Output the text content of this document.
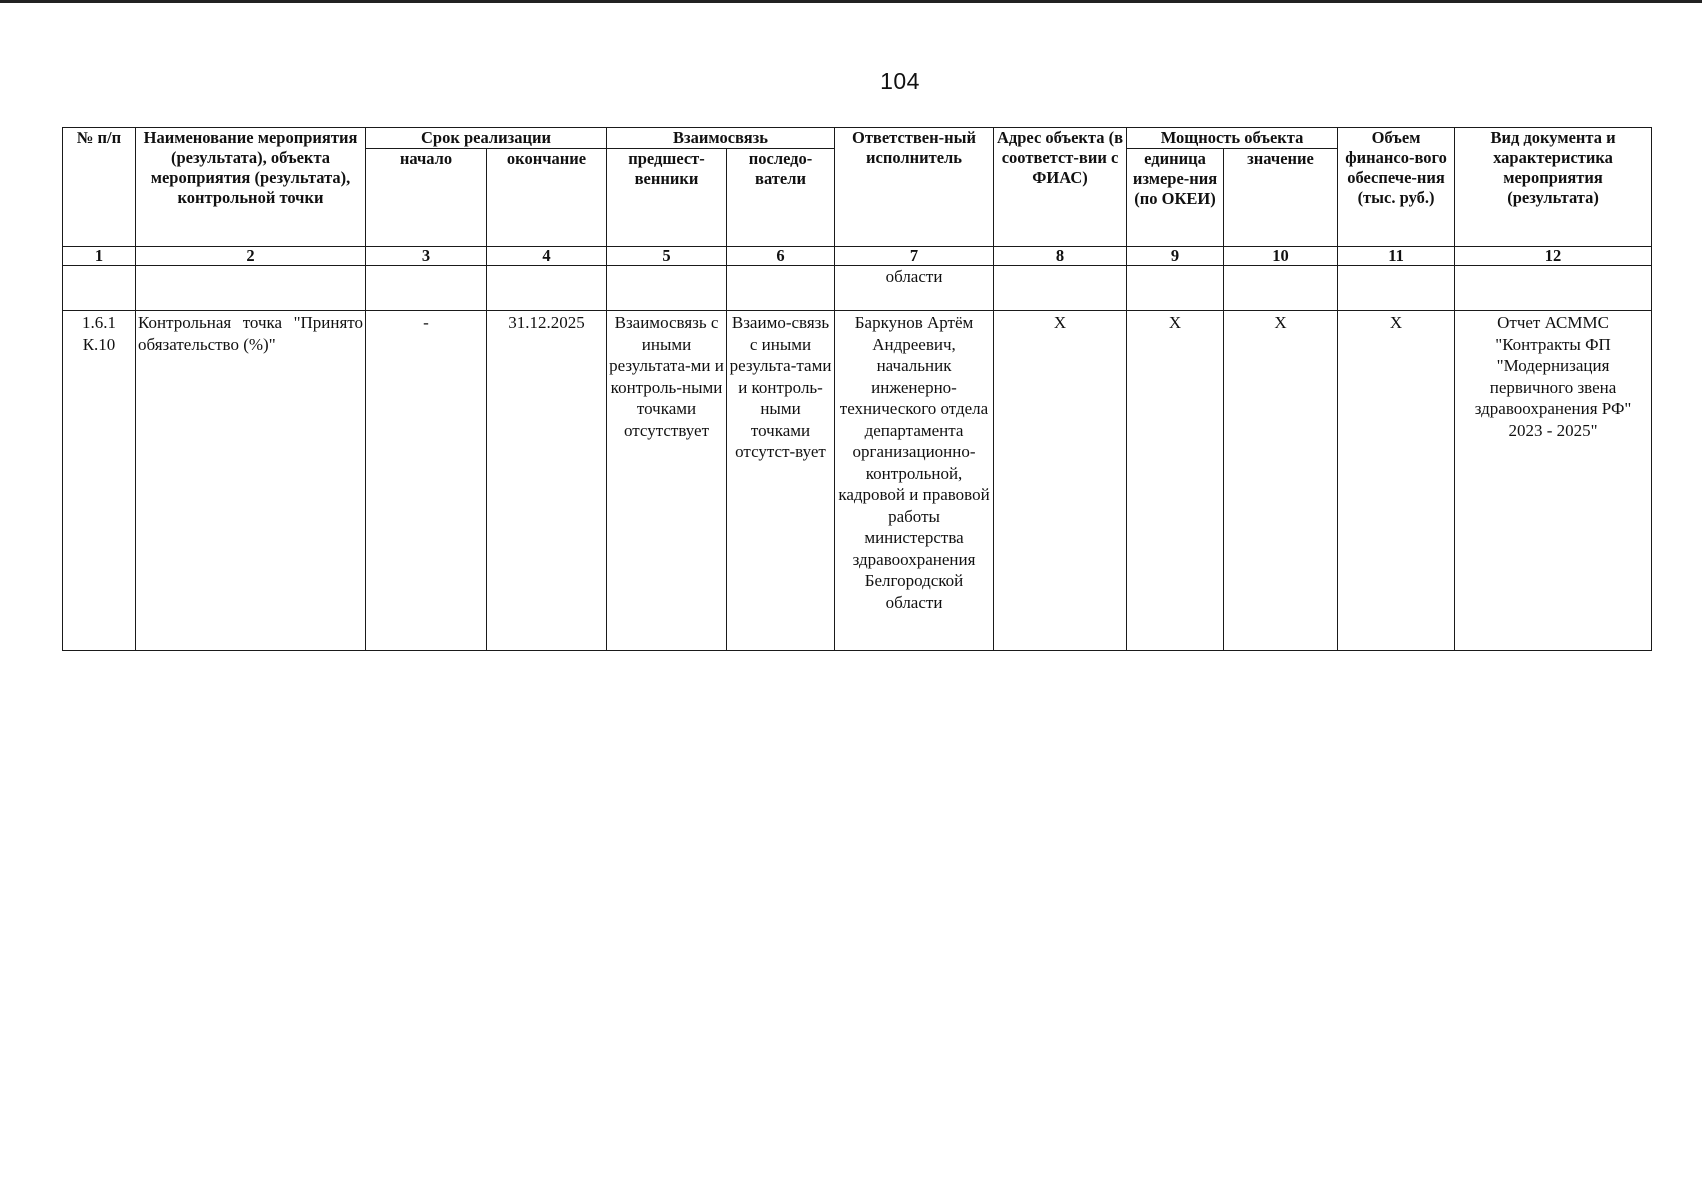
104
№ п/п	Наименование мероприятия (результата), объекта мероприятия (результата), контрольной точки	Срок реализации		Взаимосвязь		Ответствен-ный исполнитель	Адрес объекта (в соответст-вии с ФИАС)	Мощность объекта		Объем финансо-вого обеспече-ния (тыс. руб.)	Вид документа и характеристика мероприятия (результата)
		начало	окончание	предшест-венники	последо-ватели			единица измере-ния (по ОКЕИ)	значение		
1	2	3	4	5	6	7	8	9	10	11	12
						области					
1.6.1 К.10	Контрольная точка "Принято обязательство (%)"	-	31.12.2025	Взаимосвязь с иными результата-ми и контроль-ными точками отсутствует	Взаимо-связь с иными результа-тами и контроль-ными точками отсутст-вует	Баркунов Артём Андреевич, начальник инженерно-технического отдела департамента организационно-контрольной, кадровой и правовой работы министерства здравоохранения Белгородской области	Х	Х	Х	Х	Отчет АСММС "Контракты ФП "Модернизация первичного звена здравоохранения РФ" 2023 - 2025"
